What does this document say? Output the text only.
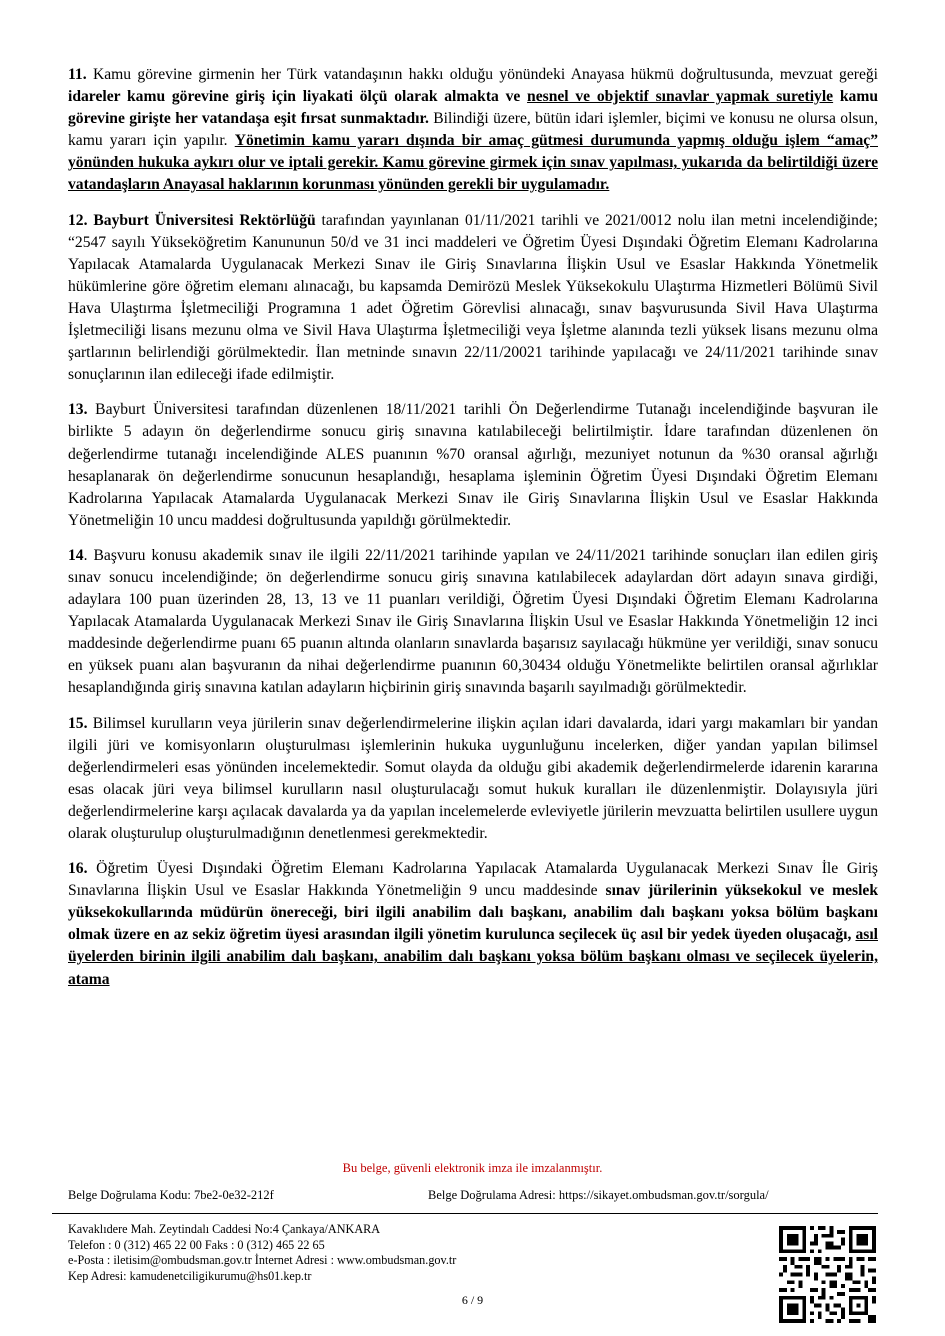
11. Kamu görevine girmenin her Türk vatandaşının hakkı olduğu yönündeki Anayasa hükmü doğrultusunda, mevzuat gereği idareler kamu görevine giriş için liyakati ölçü olarak almakta ve nesnel ve objektif sınavlar yapmak suretiyle kamu görevine girişte her vatandaşa eşit fırsat sunmaktadır. Bilindiği üzere, bütün idari işlemler, biçimi ve konusu ne olursa olsun, kamu yararı için yapılır. Yönetimin kamu yararı dışında bir amaç gütmesi durumunda yapmış olduğu işlem “amaç” yönünden hukuka aykırı olur ve iptali gerekir. Kamu görevine girmek için sınav yapılması, yukarıda da belirtildiği üzere vatandaşların Anayasal haklarının korunması yönünden gerekli bir uygulamadır.

12. Bayburt Üniversitesi Rektörlüğü tarafından yayınlanan 01/11/2021 tarihli ve 2021/0012 nolu ilan metni incelendiğinde; “2547 sayılı Yükseköğretim Kanununun 50/d ve 31 inci maddeleri ve Öğretim Üyesi Dışındaki Öğretim Elemanı Kadrolarına Yapılacak Atamalarda Uygulanacak Merkezi Sınav ile Giriş Sınavlarına İlişkin Usul ve Esaslar Hakkında Yönetmelik hükümlerine göre öğretim elemanı alınacağı, bu kapsamda Demirözü Meslek Yüksekokulu Ulaştırma Hizmetleri Bölümü Sivil Hava Ulaştırma İşletmeciliği Programına 1 adet Öğretim Görevlisi alınacağı, sınav başvurusunda Sivil Hava Ulaştırma İşletmeciliği lisans mezunu olma ve Sivil Hava Ulaştırma İşletmeciliği veya İşletme alanında tezli yüksek lisans mezunu olma şartlarının belirlendiği görülmektedir. İlan metninde sınavın 22/11/20021 tarihinde yapılacağı ve 24/11/2021 tarihinde sınav sonuçlarının ilan edileceği ifade edilmiştir.

13. Bayburt Üniversitesi tarafından düzenlenen 18/11/2021 tarihli Ön Değerlendirme Tutanağı incelendiğinde başvuran ile birlikte 5 adayın ön değerlendirme sonucu giriş sınavına katılabileceği belirtilmiştir. İdare tarafından düzenlenen ön değerlendirme tutanağı incelendiğinde ALES puanının %70 oransal ağırlığı, mezuniyet notunun da %30 oransal ağırlığı hesaplanarak ön değerlendirme sonucunun hesaplandığı, hesaplama işleminin Öğretim Üyesi Dışındaki Öğretim Elemanı Kadrolarına Yapılacak Atamalarda Uygulanacak Merkezi Sınav ile Giriş Sınavlarına İlişkin Usul ve Esaslar Hakkında Yönetmeliğin 10 uncu maddesi doğrultusunda yapıldığı görülmektedir.

14. Başvuru konusu akademik sınav ile ilgili 22/11/2021 tarihinde yapılan ve 24/11/2021 tarihinde sonuçları ilan edilen giriş sınav sonucu incelendiğinde; ön değerlendirme sonucu giriş sınavına katılabilecek adaylardan dört adayın sınava girdiği, adaylara 100 puan üzerinden 28, 13, 13 ve 11 puanları verildiği, Öğretim Üyesi Dışındaki Öğretim Elemanı Kadrolarına Yapılacak Atamalarda Uygulanacak Merkezi Sınav ile Giriş Sınavlarına İlişkin Usul ve Esaslar Hakkında Yönetmeliğin 12 inci maddesinde değerlendirme puanı 65 puanın altında olanların sınavlarda başarısız sayılacağı hükmüne yer verildiği, sınav sonucu en yüksek puanı alan başvuranın da nihai değerlendirme puanının 60,30434 olduğu Yönetmelikte belirtilen oransal ağırlıklar hesaplandığında giriş sınavına katılan adayların hiçbirinin giriş sınavında başarılı sayılmadığı görülmektedir.

15. Bilimsel kurulların veya jürilerin sınav değerlendirmelerine ilişkin açılan idari davalarda, idari yargı makamları bir yandan ilgili jüri ve komisyonların oluşturulması işlemlerinin hukuka uygunluğunu incelerken, diğer yandan yapılan bilimsel değerlendirmeleri esas yönünden incelemektedir. Somut olayda da olduğu gibi akademik değerlendirmelerde idarenin kararına esas olacak jüri veya bilimsel kurulların nasıl oluşturulacağı somut hukuk kuralları ile düzenlenmiştir. Dolayısıyla jüri değerlendirmelerine karşı açılacak davalarda ya da yapılan incelemelerde evleviyetle jürilerin mevzuatta belirtilen usullere uygun olarak oluşturulup oluşturulmadığının denetlenmesi gerekmektedir.

16. Öğretim Üyesi Dışındaki Öğretim Elemanı Kadrolarına Yapılacak Atamalarda Uygulanacak Merkezi Sınav İle Giriş Sınavlarına İlişkin Usul ve Esaslar Hakkında Yönetmeliğin 9 uncu maddesinde sınav jürilerinin yüksekokul ve meslek yüksekokullarında müdürün önereceği, biri ilgili anabilim dalı başkanı, anabilim dalı başkanı yoksa bölüm başkanı olmak üzere en az sekiz öğretim üyesi arasından ilgili yönetim kurulunca seçilecek üç asıl bir yedek üyeden oluşacağı, asıl üyelerden birinin ilgili anabilim dalı başkanı, anabilim dalı başkanı yoksa bölüm başkanı olması ve seçilecek üyelerin, atama

Bu belge, güvenli elektronik imza ile imzalanmıştır.
Belge Doğrulama Kodu: 7be2-0e32-212f	Belge Doğrulama Adresi: https://sikayet.ombudsman.gov.tr/sorgula/
Kavaklıdere Mah. Zeytindalı Caddesi No:4 Çankaya/ANKARA
Telefon : 0 (312) 465 22 00 Faks : 0 (312) 465 22 65
e-Posta : iletisim@ombudsman.gov.tr İnternet Adresi : www.ombudsman.gov.tr
Kep Adresi: kamudenetciligikurumu@hs01.kep.tr
6 / 9
